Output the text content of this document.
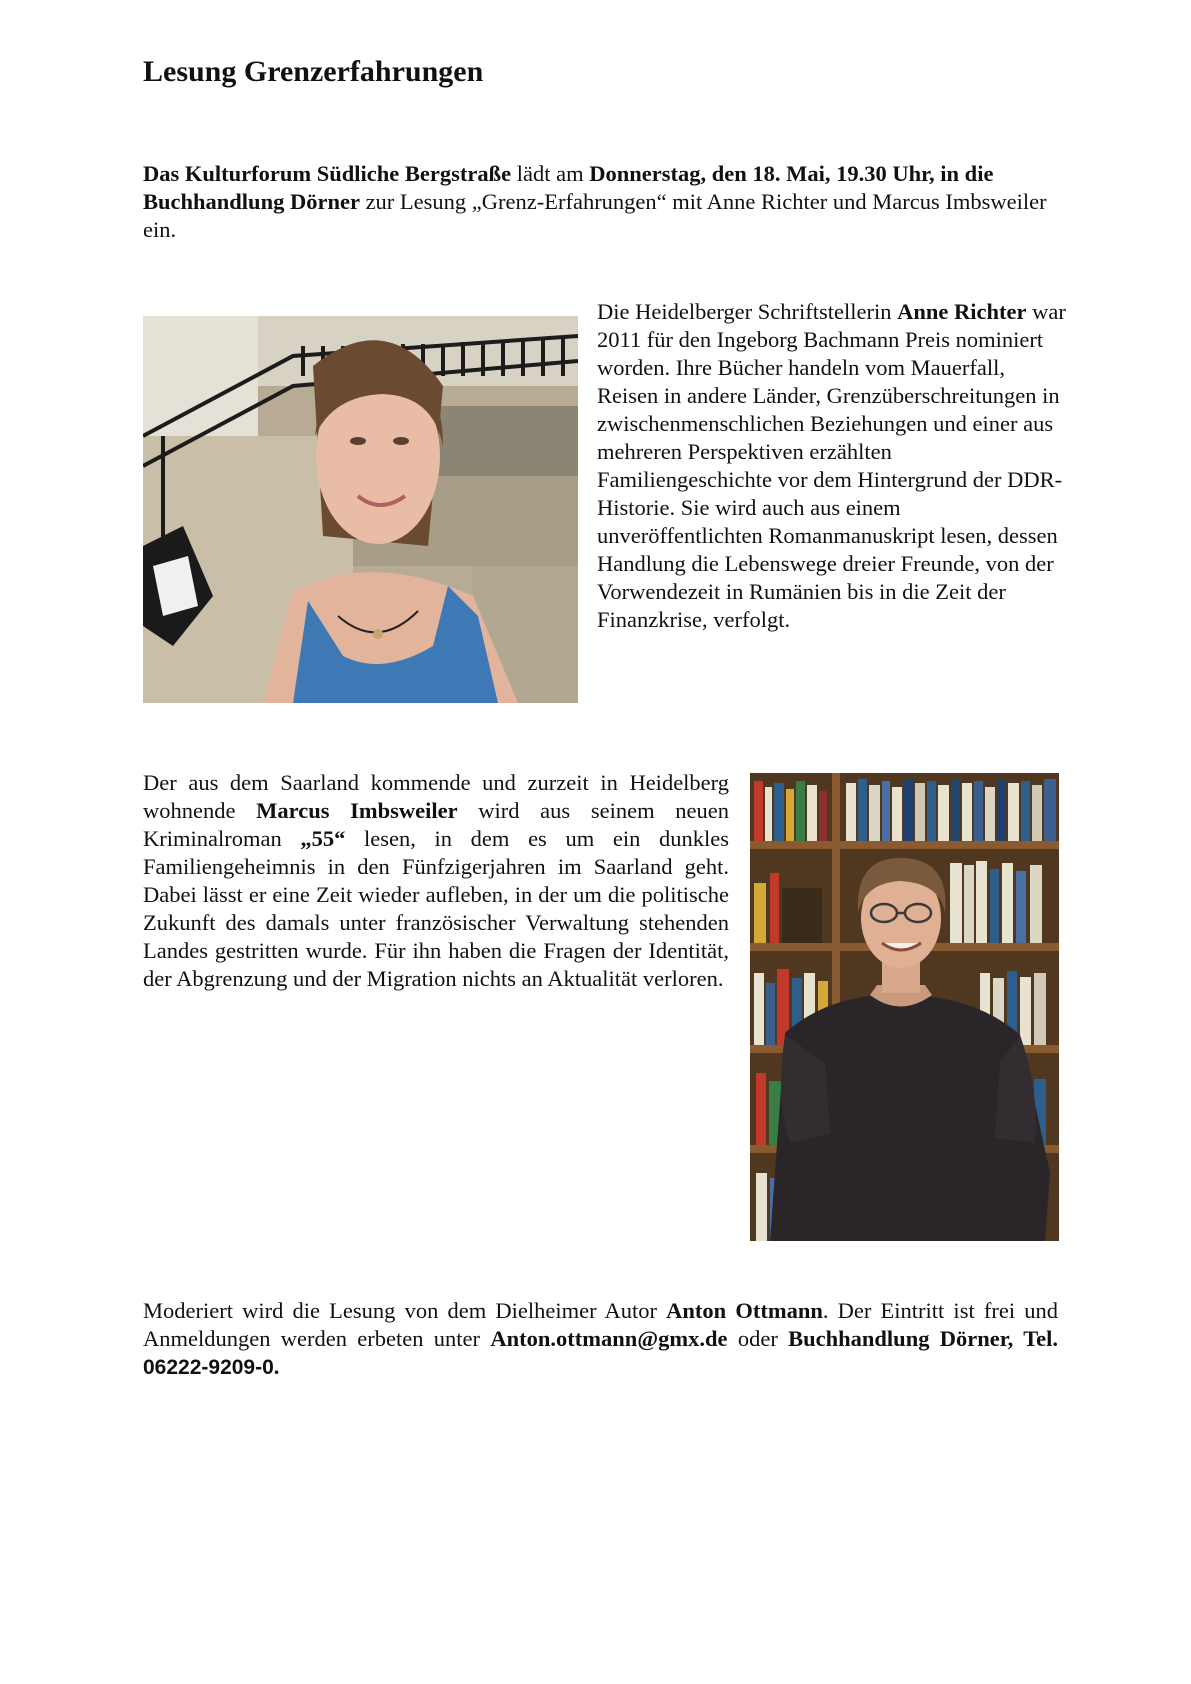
Lesung Grenzerfahrungen

Das Kulturforum Südliche Bergstraße lädt am Donnerstag, den 18. Mai, 19.30 Uhr, in die Buchhandlung Dörner zur Lesung „Grenz-Erfahrungen“ mit Anne Richter und Marcus Imbsweiler ein.

Die Heidelberger Schriftstellerin Anne Richter war 2011 für den Ingeborg Bachmann Preis nominiert worden. Ihre Bücher handeln vom Mauerfall, Reisen in andere Länder, Grenzüberschreitungen in zwischenmenschlichen Beziehungen und einer aus mehreren Perspektiven erzählten Familiengeschichte vor dem Hintergrund der DDR-Historie. Sie wird auch aus einem unveröffentlichten Romanmanuskript lesen, dessen Handlung die Lebenswege dreier Freunde, von der Vorwendezeit in Rumänien bis in die Zeit der Finanzkrise, verfolgt.

Der aus dem Saarland kommende und zurzeit in Heidelberg wohnende Marcus Imbsweiler wird aus seinem neuen Kriminalroman „55“ lesen, in dem es um ein dunkles Familiengeheimnis in den Fünfzigerjahren im Saarland geht. Dabei lässt er eine Zeit wieder aufleben, in der um die politische Zukunft des damals unter französischer Verwaltung stehenden Landes gestritten wurde. Für ihn haben die Fragen der Identität, der Abgrenzung und der Migration nichts an Aktualität verloren.

Moderiert wird die Lesung von dem Dielheimer Autor Anton Ottmann. Der Eintritt ist frei und Anmeldungen werden erbeten unter Anton.ottmann@gmx.de oder Buchhandlung Dörner, Tel. 06222-9209-0.
